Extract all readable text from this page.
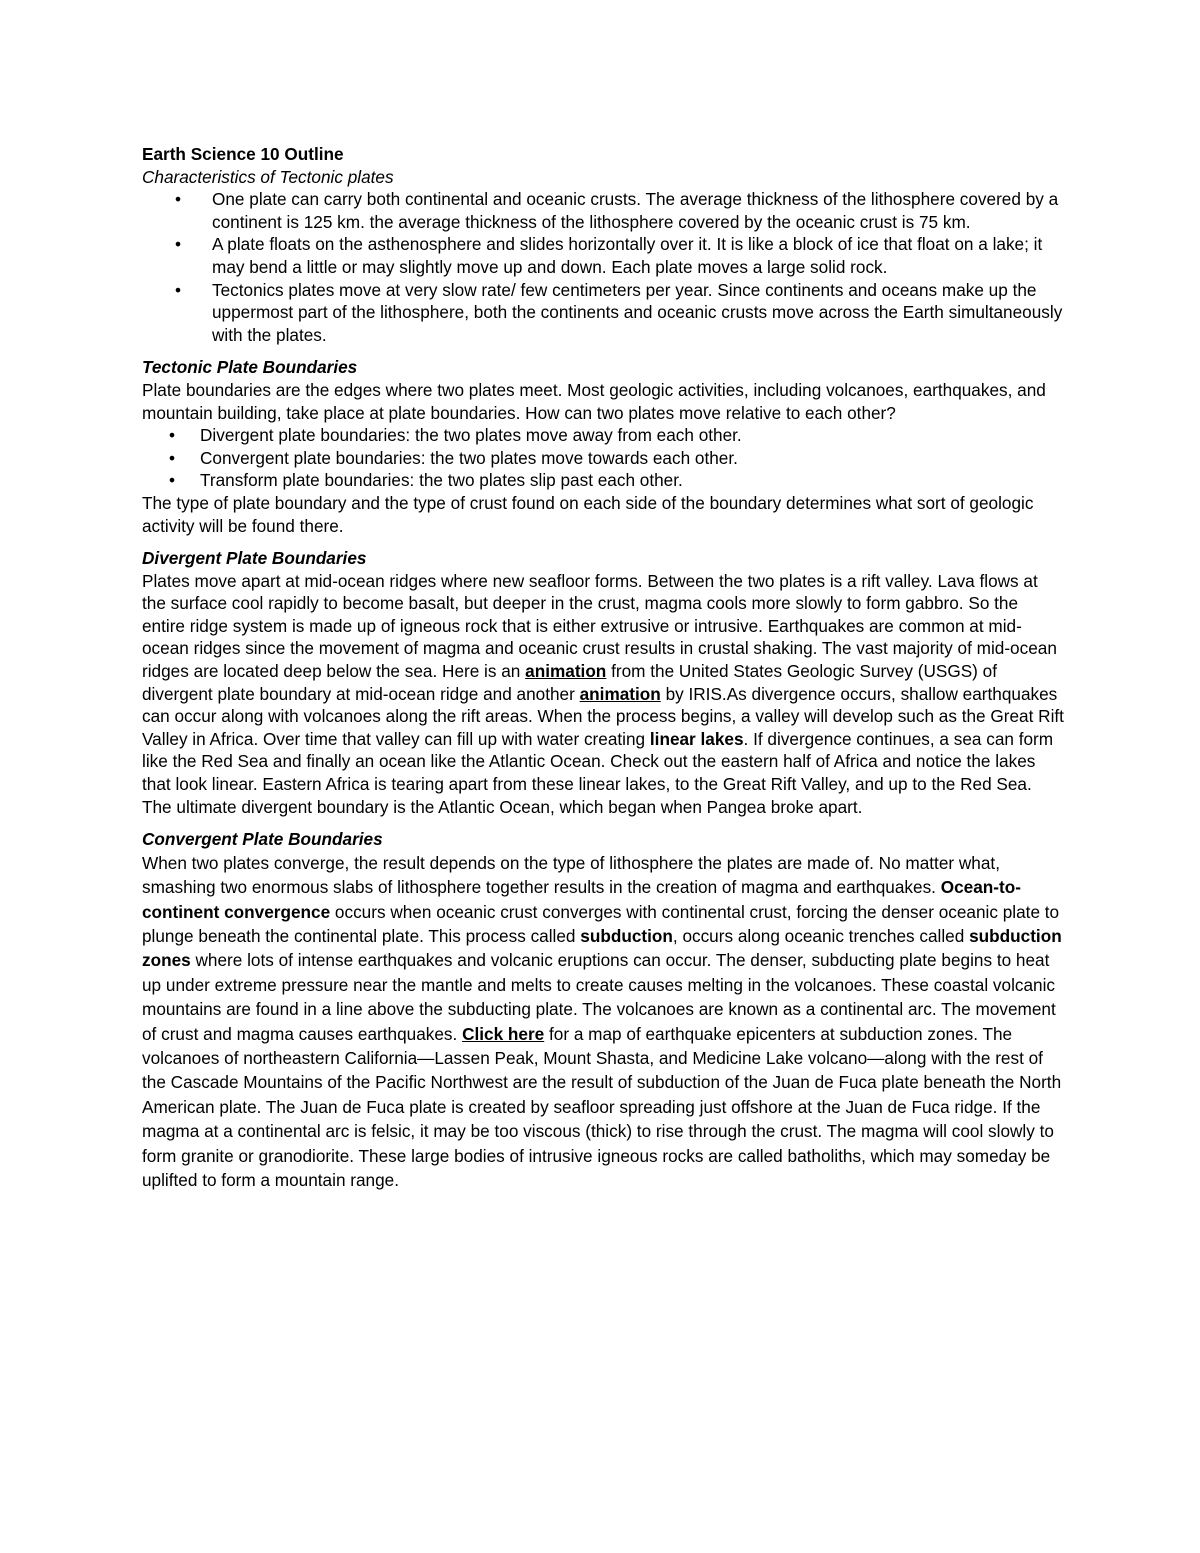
Earth Science 10 Outline

Characteristics of Tectonic plates

• One plate can carry both continental and oceanic crusts. The average thickness of the lithosphere covered by a continent is 125 km. the average thickness of the lithosphere covered by the oceanic crust is 75 km.
• A plate floats on the asthenosphere and slides horizontally over it. It is like a block of ice that float on a lake; it may bend a little or may slightly move up and down. Each plate moves a large solid rock.
• Tectonics plates move at very slow rate/ few centimeters per year. Since continents and oceans make up the uppermost part of the lithosphere, both the continents and oceanic crusts move across the Earth simultaneously with the plates.

Tectonic Plate Boundaries

Plate boundaries are the edges where two plates meet. Most geologic activities, including volcanoes, earthquakes, and mountain building, take place at plate boundaries. How can two plates move relative to each other?

• Divergent plate boundaries: the two plates move away from each other.
• Convergent plate boundaries: the two plates move towards each other.
• Transform plate boundaries: the two plates slip past each other.

The type of plate boundary and the type of crust found on each side of the boundary determines what sort of geologic activity will be found there.

Divergent Plate Boundaries

Plates move apart at mid-ocean ridges where new seafloor forms. Between the two plates is a rift valley. Lava flows at the surface cool rapidly to become basalt, but deeper in the crust, magma cools more slowly to form gabbro. So the entire ridge system is made up of igneous rock that is either extrusive or intrusive. Earthquakes are common at mid-ocean ridges since the movement of magma and oceanic crust results in crustal shaking. The vast majority of mid-ocean ridges are located deep below the sea. Here is an animation from the United States Geologic Survey (USGS) of divergent plate boundary at mid-ocean ridge and another animation by IRIS.As divergence occurs, shallow earthquakes can occur along with volcanoes along the rift areas. When the process begins, a valley will develop such as the Great Rift Valley in Africa. Over time that valley can fill up with water creating linear lakes. If divergence continues, a sea can form like the Red Sea and finally an ocean like the Atlantic Ocean. Check out the eastern half of Africa and notice the lakes that look linear. Eastern Africa is tearing apart from these linear lakes, to the Great Rift Valley, and up to the Red Sea. The ultimate divergent boundary is the Atlantic Ocean, which began when Pangea broke apart.

Convergent Plate Boundaries

When two plates converge, the result depends on the type of lithosphere the plates are made of. No matter what, smashing two enormous slabs of lithosphere together results in the creation of magma and earthquakes. Ocean-to-continent convergence occurs when oceanic crust converges with continental crust, forcing the denser oceanic plate to plunge beneath the continental plate. This process called subduction, occurs along oceanic trenches called subduction zones where lots of intense earthquakes and volcanic eruptions can occur. The denser, subducting plate begins to heat up under extreme pressure near the mantle and melts to create causes melting in the volcanoes. These coastal volcanic mountains are found in a line above the subducting plate. The volcanoes are known as a continental arc. The movement of crust and magma causes earthquakes. Click here for a map of earthquake epicenters at subduction zones. The volcanoes of northeastern California—Lassen Peak, Mount Shasta, and Medicine Lake volcano—along with the rest of the Cascade Mountains of the Pacific Northwest are the result of subduction of the Juan de Fuca plate beneath the North American plate. The Juan de Fuca plate is created by seafloor spreading just offshore at the Juan de Fuca ridge. If the magma at a continental arc is felsic, it may be too viscous (thick) to rise through the crust. The magma will cool slowly to form granite or granodiorite. These large bodies of intrusive igneous rocks are called batholiths, which may someday be uplifted to form a mountain range.
